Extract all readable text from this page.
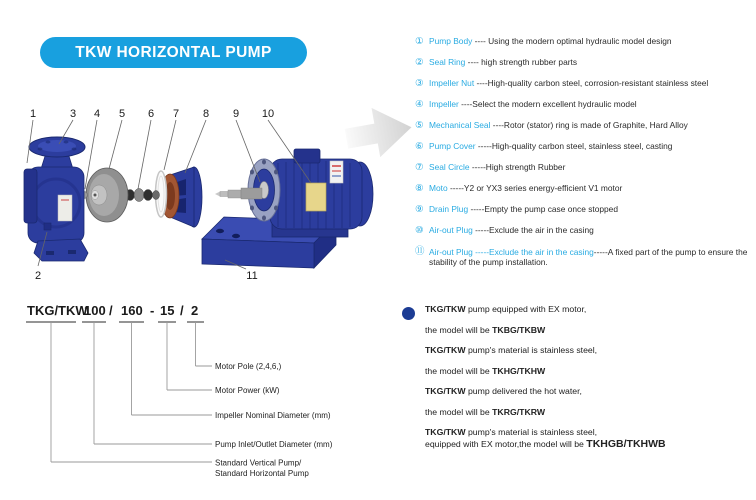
TKW HORIZONTAL PUMP
1	3 4 5 6 7 8 9 10
2	11
① Pump Body ---- Using the modern optimal hydraulic model design
② Seal Ring ---- high strength rubber parts
③ Impeller Nut ----High-quality carbon steel, corrosion-resistant stainless steel
④ Impeller ----Select the modern excellent hydraulic model
⑤ Mechanical Seal ----Rotor (stator) ring is made of Graphite, Hard Alloy
⑥ Pump Cover -----High-quality carbon steel, stainless steel, casting
⑦ Seal Circle -----High strength Rubber
⑧ Moto -----Y2 or YX3 series energy-efficient V1 motor
⑨ Drain Plug -----Empty the pump case once stopped
⑩ Air-out Plug -----Exclude the air in the casing
⑪ Air-out Plug -----Exclude the air in the casing-----A fixed part of the pump to ensure the stability of the pump installation.
TKG/TKW
100 / 160 - 15 / 2
Motor Pole (2,4,6,)
Motor Power (kW)
Impeller Nominal Diameter (mm)
Pump Inlet/Outlet Diameter (mm)
Standard Vertical Pump/
Standard Horizontal Pump
TKG/TKW pump equipped with EX motor,
the model will be TKBG/TKBW
TKG/TKW pump's material is stainless steel,
the model will be TKHG/TKHW
TKG/TKW pump delivered the hot water,
the model will be TKRG/TKRW
TKG/TKW pump's material is stainless steel,
equipped with EX motor,the model will be TKHGB/TKHWB
